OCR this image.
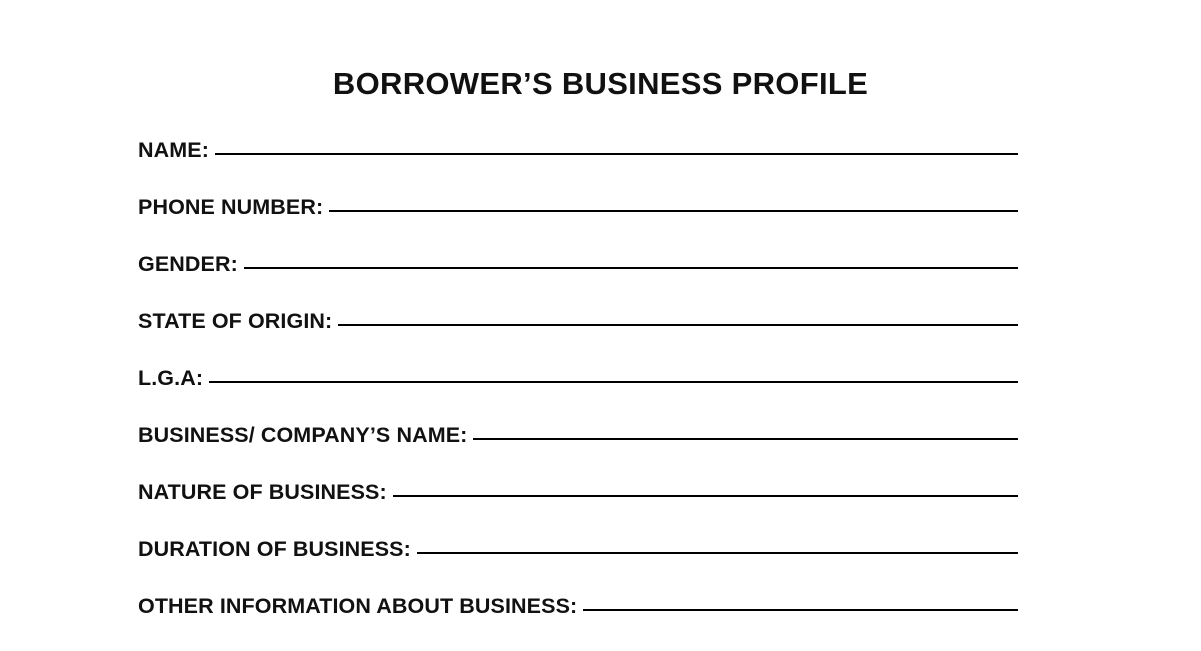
BORROWER’S BUSINESS PROFILE
NAME:
PHONE NUMBER:
GENDER:
STATE OF ORIGIN:
L.G.A:
BUSINESS/ COMPANY’S NAME:
NATURE OF BUSINESS:
DURATION OF BUSINESS:
OTHER INFORMATION ABOUT BUSINESS:
